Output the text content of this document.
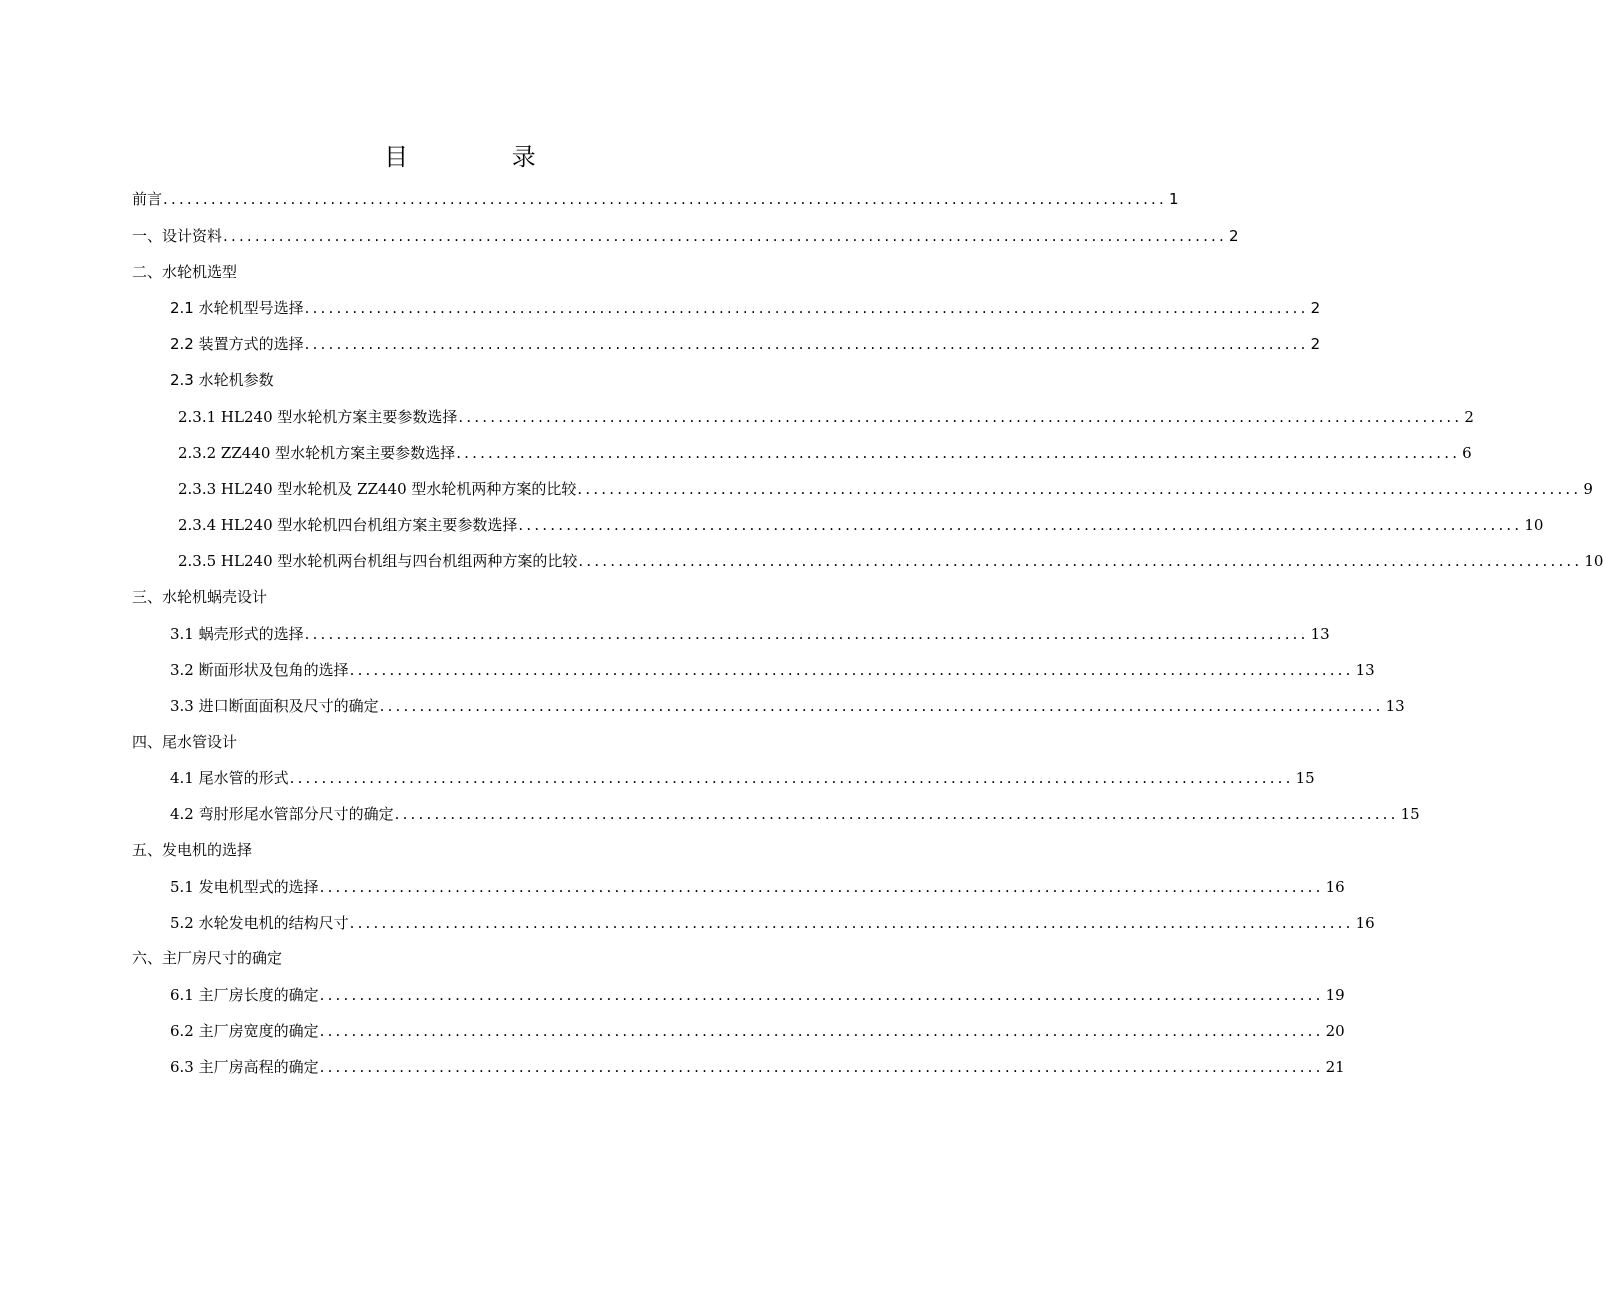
目 录
前言 .............................................................................................................................. 1
一、设计资料 .............................................................................................................................. 2
二、水轮机选型
2.1 水轮机型号选择 .............................................................................................................................. 2
2.2 装置方式的选择 .............................................................................................................................. 2
2.3 水轮机参数
2.3.1 HL240 型水轮机方案主要参数选择 .............................................................................................................................. 2
2.3.2 ZZ440 型水轮机方案主要参数选择 .............................................................................................................................. 6
2.3.3 HL240 型水轮机及 ZZ440 型水轮机两种方案的比较 .............................................................................................................................. 9
2.3.4 HL240 型水轮机四台机组方案主要参数选择 .............................................................................................................................. 10
2.3.5 HL240 型水轮机两台机组与四台机组两种方案的比较 .............................................................................................................................. 10
三、水轮机蜗壳设计
3.1 蜗壳形式的选择 .............................................................................................................................. 13
3.2 断面形状及包角的选择 .............................................................................................................................. 13
3.3 进口断面面积及尺寸的确定 .............................................................................................................................. 13
四、尾水管设计
4.1 尾水管的形式 .............................................................................................................................. 15
4.2 弯肘形尾水管部分尺寸的确定 .............................................................................................................................. 15
五、发电机的选择
5.1 发电机型式的选择 .............................................................................................................................. 16
5.2 水轮发电机的结构尺寸 .............................................................................................................................. 16
六、主厂房尺寸的确定
6.1 主厂房长度的确定 .............................................................................................................................. 19
6.2 主厂房宽度的确定 .............................................................................................................................. 20
6.3 主厂房高程的确定 .............................................................................................................................. 21
